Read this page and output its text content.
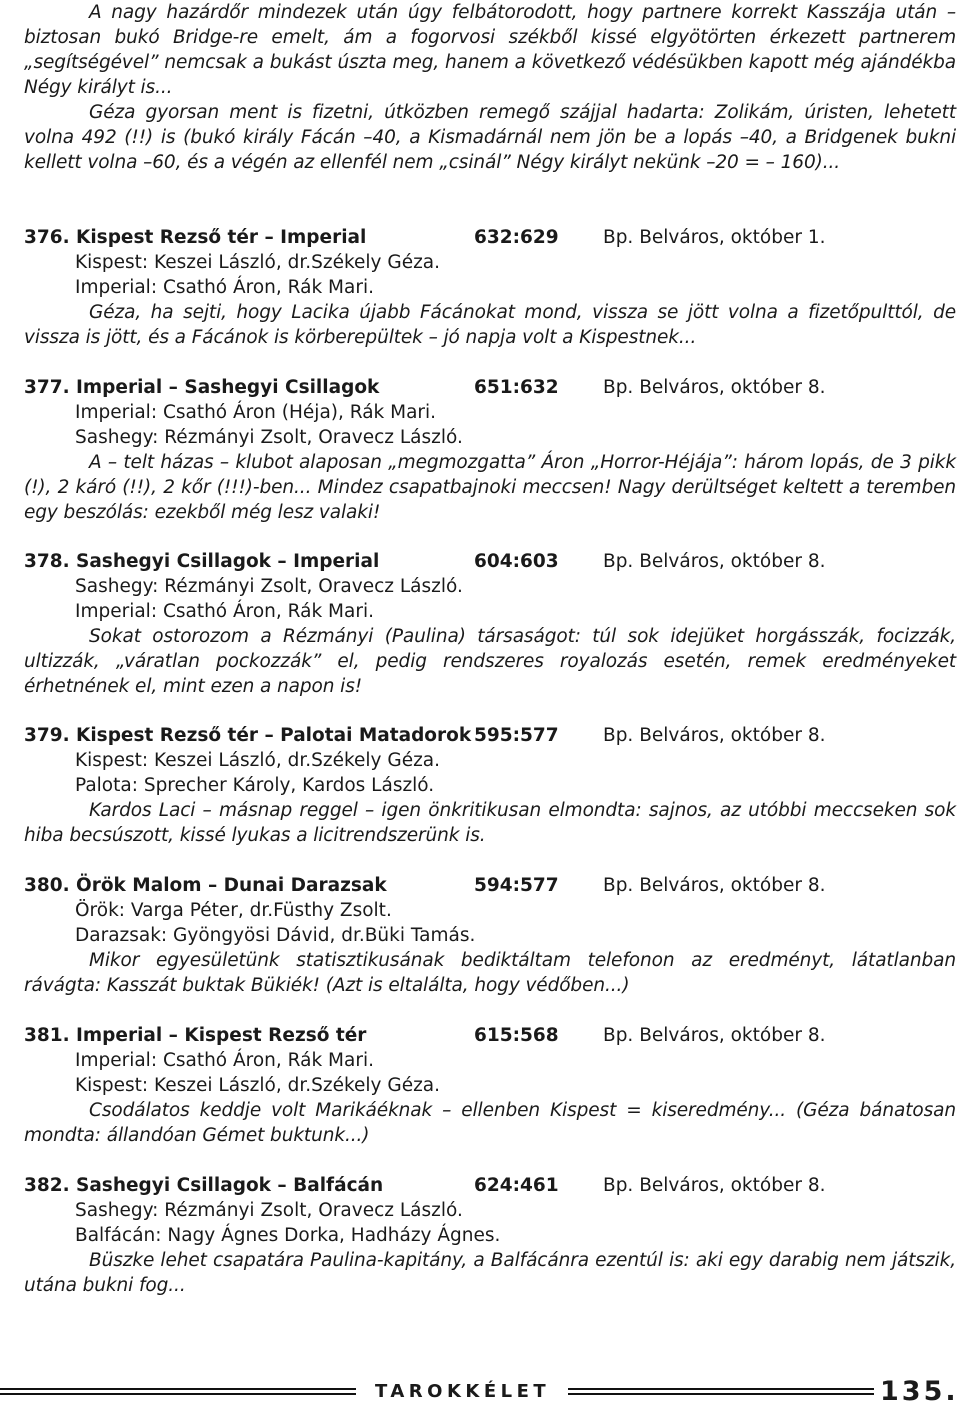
A nagy hazárdőr mindezek után úgy felbátorodott, hogy partnere korrekt Kasszája után – biztosan bukó Bridge-re emelt, ám a fogorvosi székből kissé elgyötörten érkezett partnerem „segítségével” nemcsak a bukást úszta meg, hanem a következő védésükben kapott még ajándékba Négy királyt is...

Géza gyorsan ment is fizetni, útközben remegő szájjal hadarta: Zolikám, úristen, lehetett volna 492 (!!) is (bukó király Fácán –40, a Kismadárnál nem jön be a lopás –40, a Bridgenek bukni kellett volna –60, és a végén az ellenfél nem „csinál” Négy királyt nekünk –20 = – 160)...

376. Kispest Rezső tér – Imperial	632:629 Bp. Belváros, október 1.
Kispest: Keszei László, dr.Székely Géza.
Imperial: Csathó Áron, Rák Mari.

Géza, ha sejti, hogy Lacika újabb Fácánokat mond, vissza se jött volna a fizetőpulttól, de vissza is jött, és a Fácánok is körberepültek – jó napja volt a Kispestnek...

377. Imperial – Sashegyi Csillagok	651:632 Bp. Belváros, október 8.
Imperial: Csathó Áron (Héja), Rák Mari.
Sashegy: Rézmányi Zsolt, Oravecz László.

A – telt házas – klubot alaposan „megmozgatta” Áron „Horror-Héjája”: három lopás, de 3 pikk (!), 2 káró (!!), 2 kőr (!!!)-ben... Mindez csapatbajnoki meccsen! Nagy derültséget keltett a teremben egy beszólás: ezekből még lesz valaki!

378. Sashegyi Csillagok – Imperial	604:603 Bp. Belváros, október 8.
Sashegy: Rézmányi Zsolt, Oravecz László.
Imperial: Csathó Áron, Rák Mari.

Sokat ostorozom a Rézmányi (Paulina) társaságot: túl sok idejüket horgásszák, focizzák, ultizzák, „váratlan pockozzák” el, pedig rendszeres royalozás esetén, remek eredményeket érhetnének el, mint ezen a napon is!

379. Kispest Rezső tér – Palotai Matadorok 595:577 Bp. Belváros, október 8.
Kispest: Keszei László, dr.Székely Géza.
Palota: Sprecher Károly, Kardos László.

Kardos Laci – másnap reggel – igen önkritikusan elmondta: sajnos, az utóbbi meccseken sok hiba becsúszott, kissé lyukas a licitrendszerünk is.

380. Örök Malom – Dunai Darazsak	594:577 Bp. Belváros, október 8.
Örök: Varga Péter, dr.Füsthy Zsolt.
Darazsak: Gyöngyösi Dávid, dr.Büki Tamás.

Mikor egyesületünk statisztikusának bediktáltam telefonon az eredményt, látatlanban rávágta: Kasszát buktak Bükiék! (Azt is eltalálta, hogy védőben...)

381. Imperial – Kispest Rezső tér	615:568 Bp. Belváros, október 8.
Imperial: Csathó Áron, Rák Mari.
Kispest: Keszei László, dr.Székely Géza.

Csodálatos keddje volt Marikáéknak – ellenben Kispest = kiseredmény... (Géza bánatosan mondta: állandóan Gémet buktunk...)

382. Sashegyi Csillagok – Balfácán	624:461 Bp. Belváros, október 8.
Sashegy: Rézmányi Zsolt, Oravecz László.
Balfácán: Nagy Ágnes Dorka, Hadházy Ágnes.

Büszke lehet csapatára Paulina-kapitány, a Balfácánra ezentúl is: aki egy darabig nem játszik, utána bukni fog...

TAROKKÉLET	135.
